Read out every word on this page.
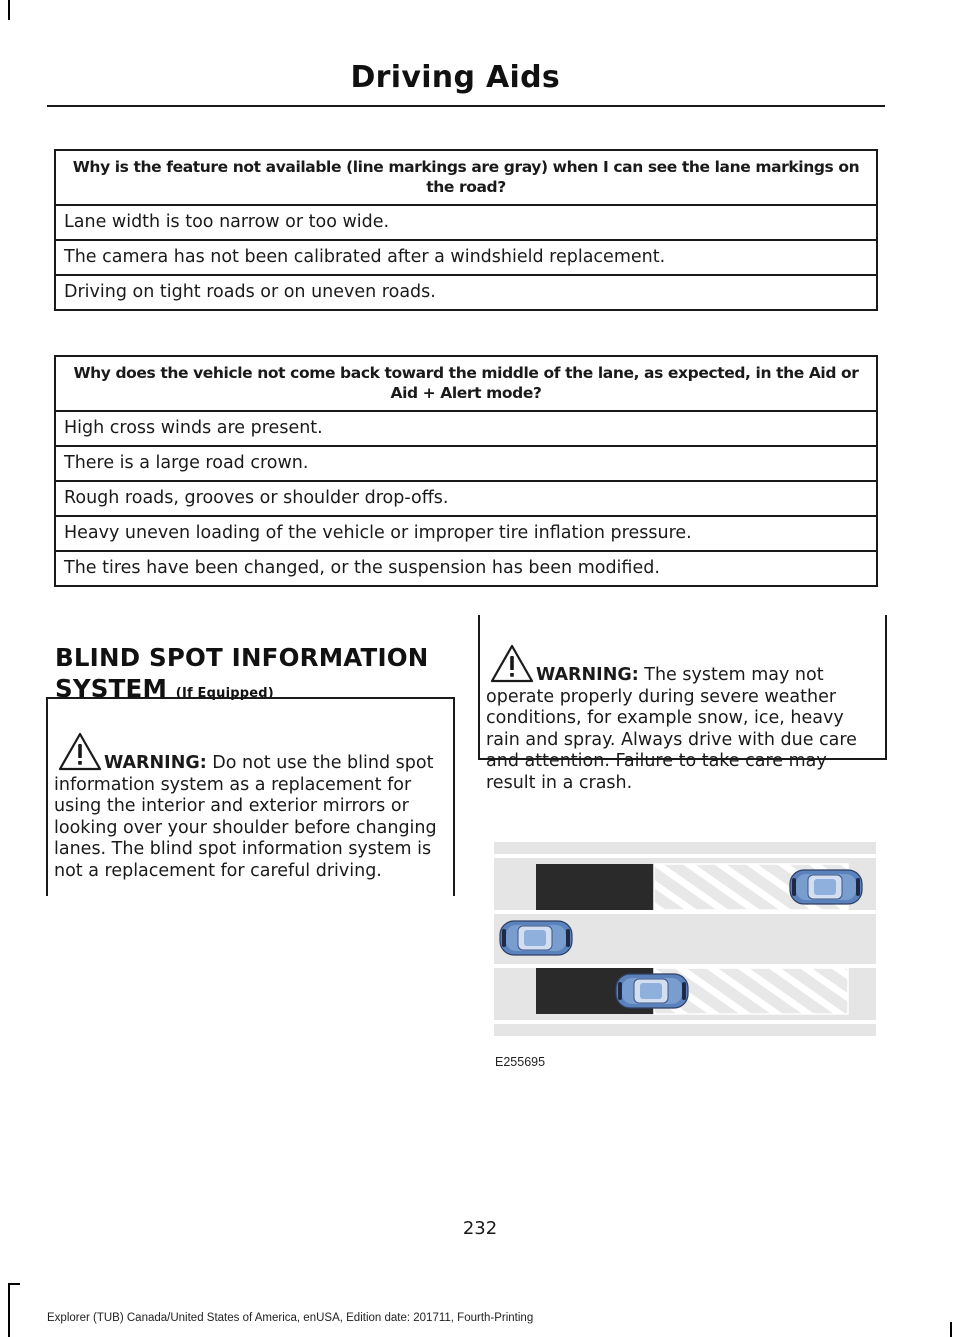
Driving Aids
Why is the feature not available (line markings are gray) when I can see the lane markings on the road?
Lane width is too narrow or too wide.
The camera has not been calibrated after a windshield replacement.
Driving on tight roads or on uneven roads.
Why does the vehicle not come back toward the middle of the lane, as expected, in the Aid or Aid + Alert mode?
High cross winds are present.
There is a large road crown.
Rough roads, grooves or shoulder drop-offs.
Heavy uneven loading of the vehicle or improper tire inflation pressure.
The tires have been changed, or the suspension has been modified.
BLIND SPOT INFORMATION
SYSTEM (If Equipped)
WARNING: Do not use the blind spot information system as a replacement for using the interior and exterior mirrors or looking over your shoulder before changing lanes. The blind spot information system is not a replacement for careful driving.
WARNING: The system may not operate properly during severe weather conditions, for example snow, ice, heavy rain and spray. Always drive with due care and attention. Failure to take care may result in a crash.
E255695
232
Explorer (TUB) Canada/United States of America, enUSA, Edition date: 201711, Fourth-Printing
